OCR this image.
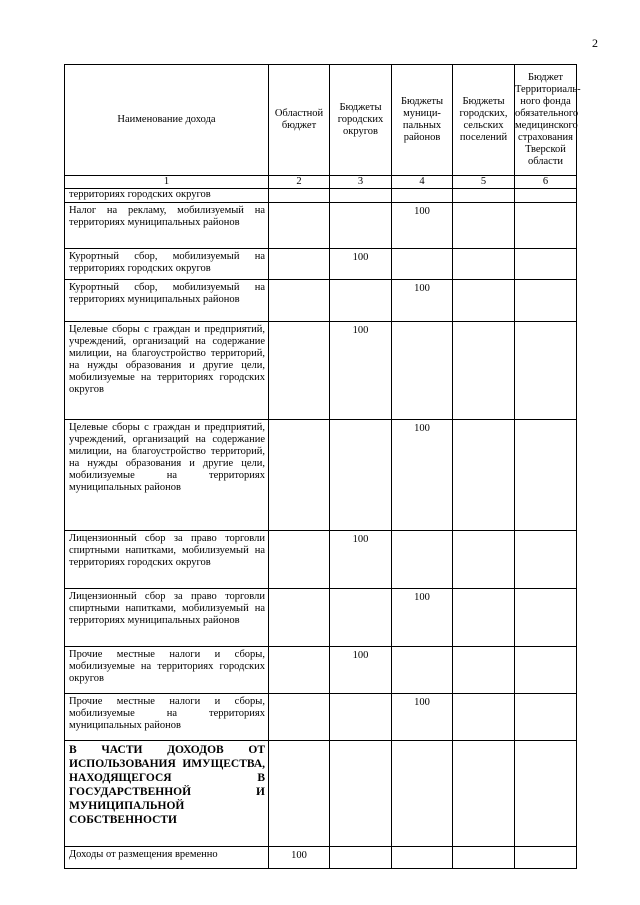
2
Наименование дохода	Областной бюджет	Бюджеты городских округов	Бюджеты муници-пальных районов	Бюджеты городских, сельских поселений	Бюджет Территориаль-ного фонда обязательного медицинского страхования Тверской области
1	2	3	4	5	6
территориях городских округов					
Налог на рекламу, мобилизуемый на территориях муниципальных районов			100		
Курортный сбор, мобилизуемый на территориях городских округов		100			
Курортный сбор, мобилизуемый на территориях муниципальных районов			100		
Целевые сборы с граждан и предприятий, учреждений, организаций на содержание милиции, на благоустройство территорий, на нужды образования и другие цели, мобилизуемые на территориях городских округов		100			
Целевые сборы с граждан и предприятий, учреждений, организаций на содержание милиции, на благоустройство территорий, на нужды образования и другие цели, мобилизуемые на территориях муниципальных районов			100		
Лицензионный сбор за право торговли спиртными напитками, мобилизуемый на территориях городских округов		100			
Лицензионный сбор за право торговли спиртными напитками, мобилизуемый на территориях муниципальных районов			100		
Прочие местные налоги и сборы, мобилизуемые на территориях городских округов		100			
Прочие местные налоги и сборы, мобилизуемые на территориях муниципальных районов			100		
В ЧАСТИ ДОХОДОВ ОТ ИСПОЛЬЗОВАНИЯ ИМУЩЕСТВА, НАХОДЯЩЕГОСЯ В ГОСУДАРСТВЕННОЙ И МУНИЦИПАЛЬНОЙ СОБСТВЕННОСТИ					
Доходы от размещения временно	100				
